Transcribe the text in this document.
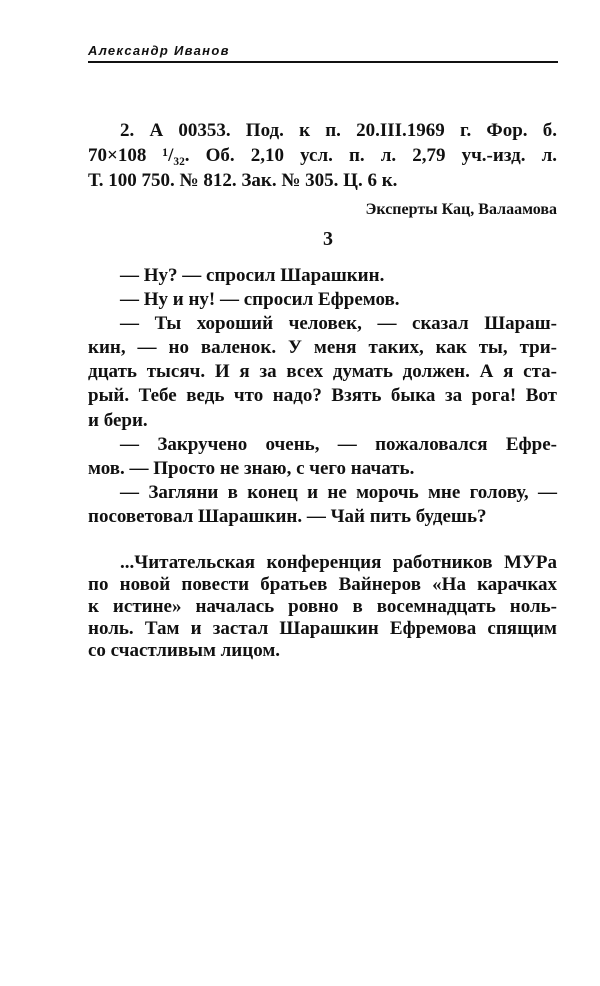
Александр Иванов
2. А 00353. Под. к п. 20.III.1969 г. Фор. б.
70×108 ¹/₃₂. Об. 2,10 усл. п. л. 2,79 уч.-изд. л.
Т. 100 750. № 812. Зак. № 305. Ц. 6 к.
Эксперты Кац, Валаамова
3
— Ну? — спросил Шарашкин.
— Ну и ну! — спросил Ефремов.
— Ты хороший человек, — сказал Шараш-
кин, — но валенок. У меня таких, как ты, три-
дцать тысяч. И я за всех думать должен. А я ста-
рый. Тебе ведь что надо? Взять быка за рога! Вот
и бери.
— Закручено очень, — пожаловался Ефре-
мов. — Просто не знаю, с чего начать.
— Загляни в конец и не морочь мне голову, —
посоветовал Шарашкин. — Чай пить будешь?
...Читательская конференция работников МУРа
по новой повести братьев Вайнеров «На карачках
к истине» началась ровно в восемнадцать ноль-
ноль. Там и застал Шарашкин Ефремова спящим
со счастливым лицом.
